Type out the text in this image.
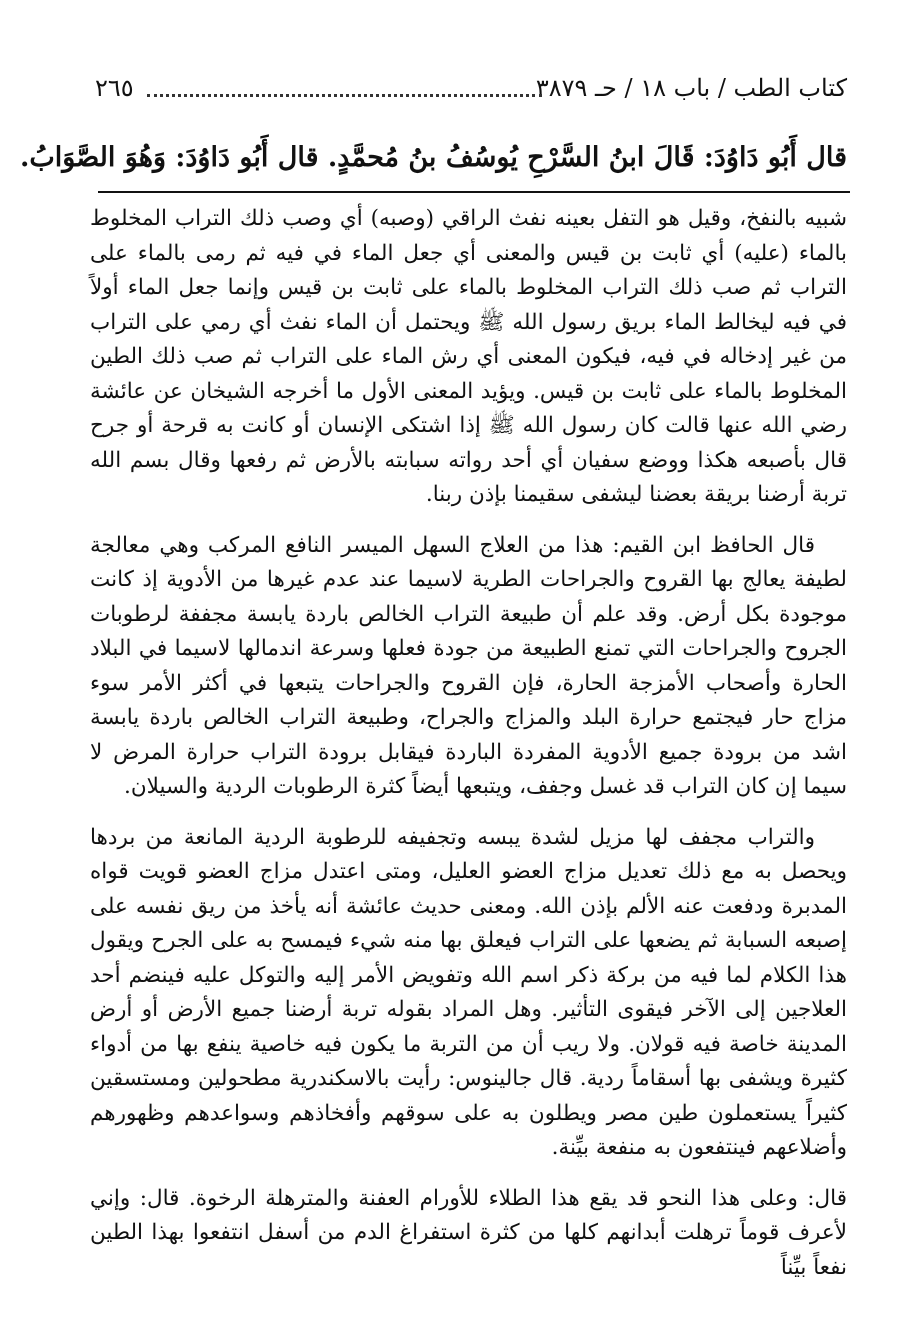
كتاب الطب / باب ١٨ / حـ ٣٨٧٩
٢٦٥
قال أَبُو دَاوُدَ: قَالَ ابنُ السَّرْحِ يُوسُفُ بنُ مُحمَّدٍ. قال أَبُو دَاوُدَ: وَهُوَ الصَّوَابُ.

شبيه بالنفخ، وقيل هو التفل بعينه نفث الراقي (وصبه) أي وصب ذلك التراب المخلوط بالماء (عليه) أي ثابت بن قيس والمعنى أي جعل الماء في فيه ثم رمى بالماء على التراب ثم صب ذلك التراب المخلوط بالماء على ثابت بن قيس وإنما جعل الماء أولاً في فيه ليخالط الماء بريق رسول الله ﷺ ويحتمل أن الماء نفث أي رمي على التراب من غير إدخاله في فيه، فيكون المعنى أي رش الماء على التراب ثم صب ذلك الطين المخلوط بالماء على ثابت بن قيس. ويؤيد المعنى الأول ما أخرجه الشيخان عن عائشة رضي الله عنها قالت كان رسول الله ﷺ إذا اشتكى الإنسان أو كانت به قرحة أو جرح قال بأصبعه هكذا ووضع سفيان أي أحد رواته سبابته بالأرض ثم رفعها وقال بسم الله تربة أرضنا بريقة بعضنا ليشفى سقيمنا بإذن ربنا.

قال الحافظ ابن القيم: هذا من العلاج السهل الميسر النافع المركب وهي معالجة لطيفة يعالج بها القروح والجراحات الطرية لاسيما عند عدم غيرها من الأدوية إذ كانت موجودة بكل أرض. وقد علم أن طبيعة التراب الخالص باردة يابسة مجففة لرطوبات الجروح والجراحات التي تمنع الطبيعة من جودة فعلها وسرعة اندمالها لاسيما في البلاد الحارة وأصحاب الأمزجة الحارة، فإن القروح والجراحات يتبعها في أكثر الأمر سوء مزاج حار فيجتمع حرارة البلد والمزاج والجراح، وطبيعة التراب الخالص باردة يابسة اشد من برودة جميع الأدوية المفردة الباردة فيقابل برودة التراب حرارة المرض لا سيما إن كان التراب قد غسل وجفف، ويتبعها أيضاً كثرة الرطوبات الردية والسيلان.

والتراب مجفف لها مزيل لشدة يبسه وتجفيفه للرطوبة الردية المانعة من بردها ويحصل به مع ذلك تعديل مزاج العضو العليل، ومتى اعتدل مزاج العضو قويت قواه المدبرة ودفعت عنه الألم بإذن الله. ومعنى حديث عائشة أنه يأخذ من ريق نفسه على إصبعه السبابة ثم يضعها على التراب فيعلق بها منه شيء فيمسح به على الجرح ويقول هذا الكلام لما فيه من بركة ذكر اسم الله وتفويض الأمر إليه والتوكل عليه فينضم أحد العلاجين إلى الآخر فيقوى التأثير. وهل المراد بقوله تربة أرضنا جميع الأرض أو أرض المدينة خاصة فيه قولان. ولا ريب أن من التربة ما يكون فيه خاصية ينفع بها من أدواء كثيرة ويشفى بها أسقاماً ردية. قال جالينوس: رأيت بالاسكندرية مطحولين ومستسقين كثيراً يستعملون طين مصر ويطلون به على سوقهم وأفخاذهم وسواعدهم وظهورهم وأضلاعهم فينتفعون به منفعة بيِّنة.

قال: وعلى هذا النحو قد يقع هذا الطلاء للأورام العفنة والمترهلة الرخوة. قال: وإني لأعرف قوماً ترهلت أبدانهم كلها من كثرة استفراغ الدم من أسفل انتفعوا بهذا الطين نفعاً بيِّناً
